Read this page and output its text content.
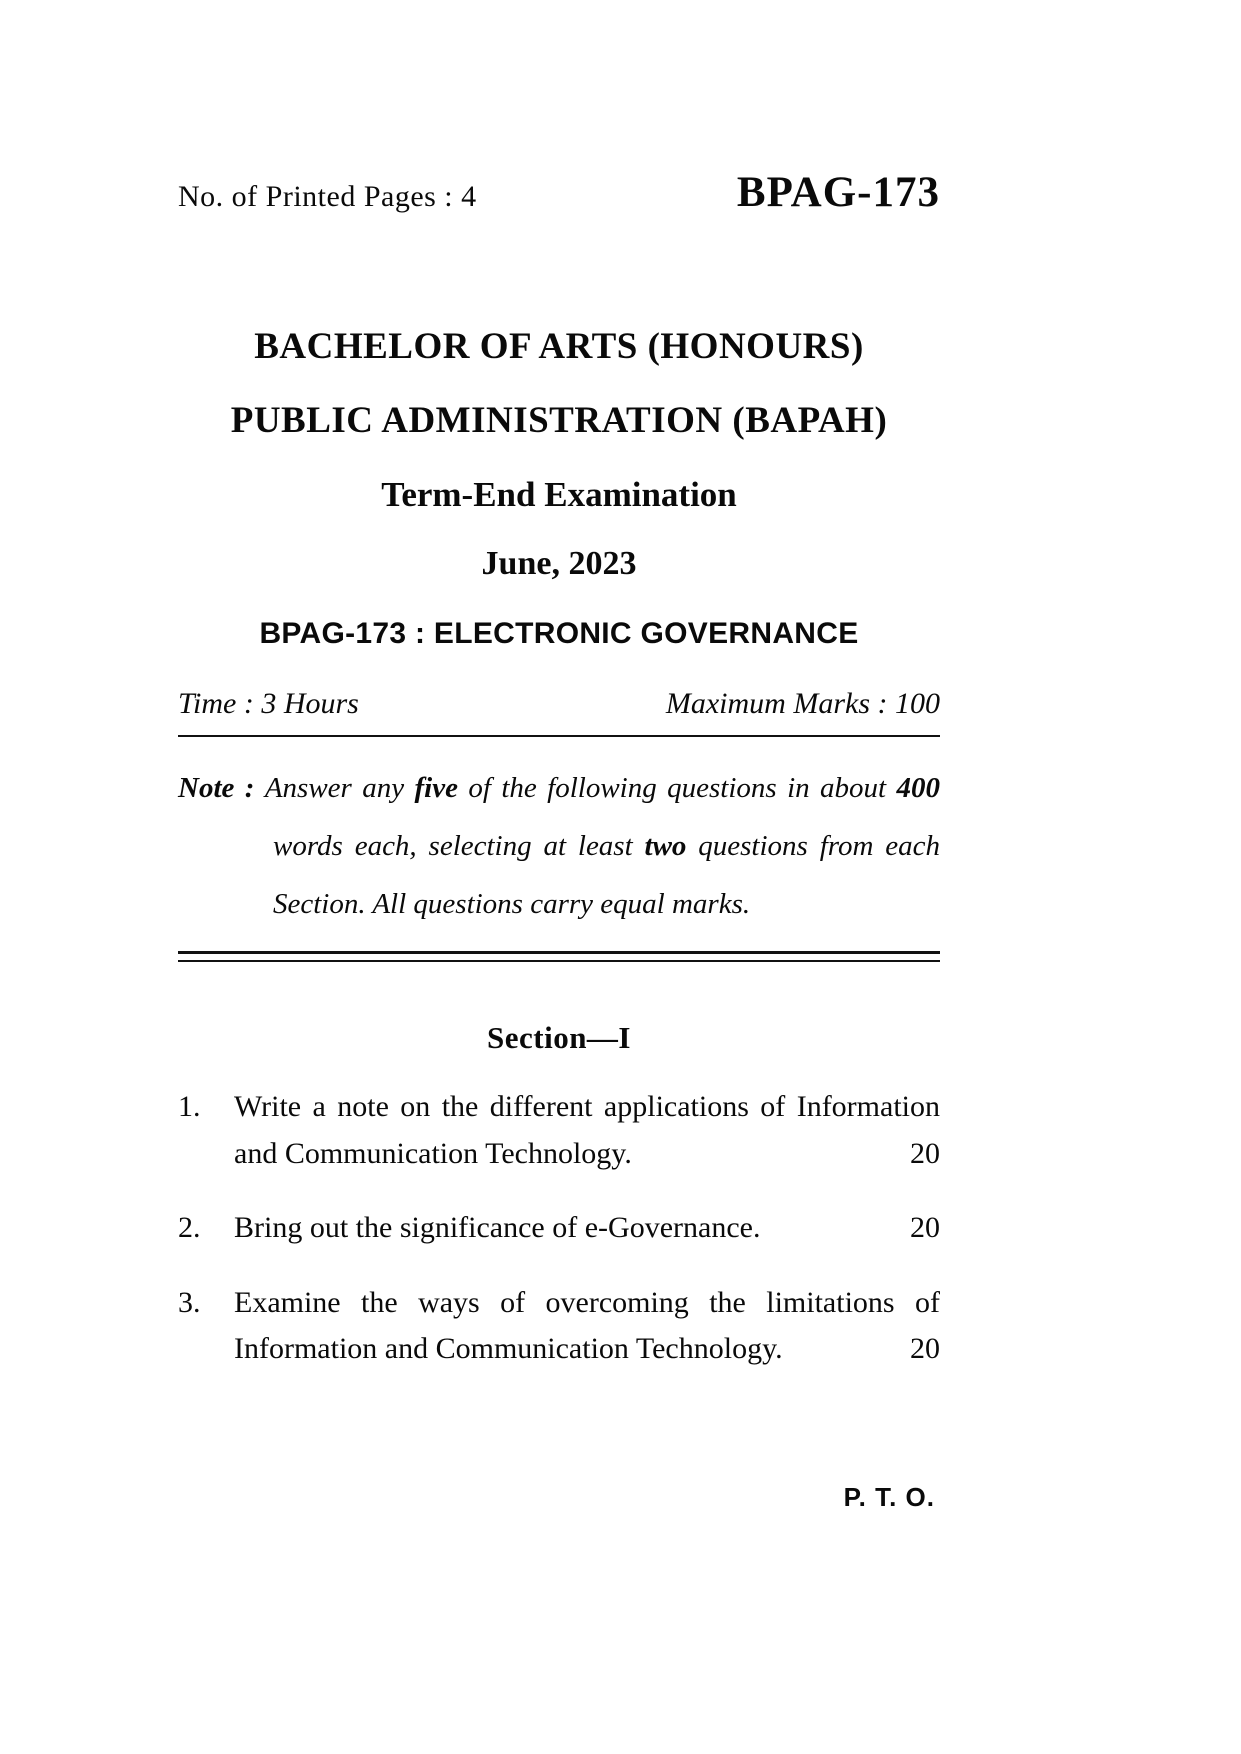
No. of Printed Pages : 4	BPAG-173
BACHELOR OF ARTS (HONOURS)
PUBLIC ADMINISTRATION (BAPAH)
Term-End Examination
June, 2023
BPAG-173 : ELECTRONIC GOVERNANCE
Time : 3 Hours	Maximum Marks : 100
Note : Answer any five of the following questions in about 400 words each, selecting at least two questions from each Section. All questions carry equal marks.
Section—I
1.	Write a note on the different applications of Information and Communication Technology.	20
2.	Bring out the significance of e-Governance.	20
3.	Examine the ways of overcoming the limitations of Information and Communication Technology.	20
P. T. O.
